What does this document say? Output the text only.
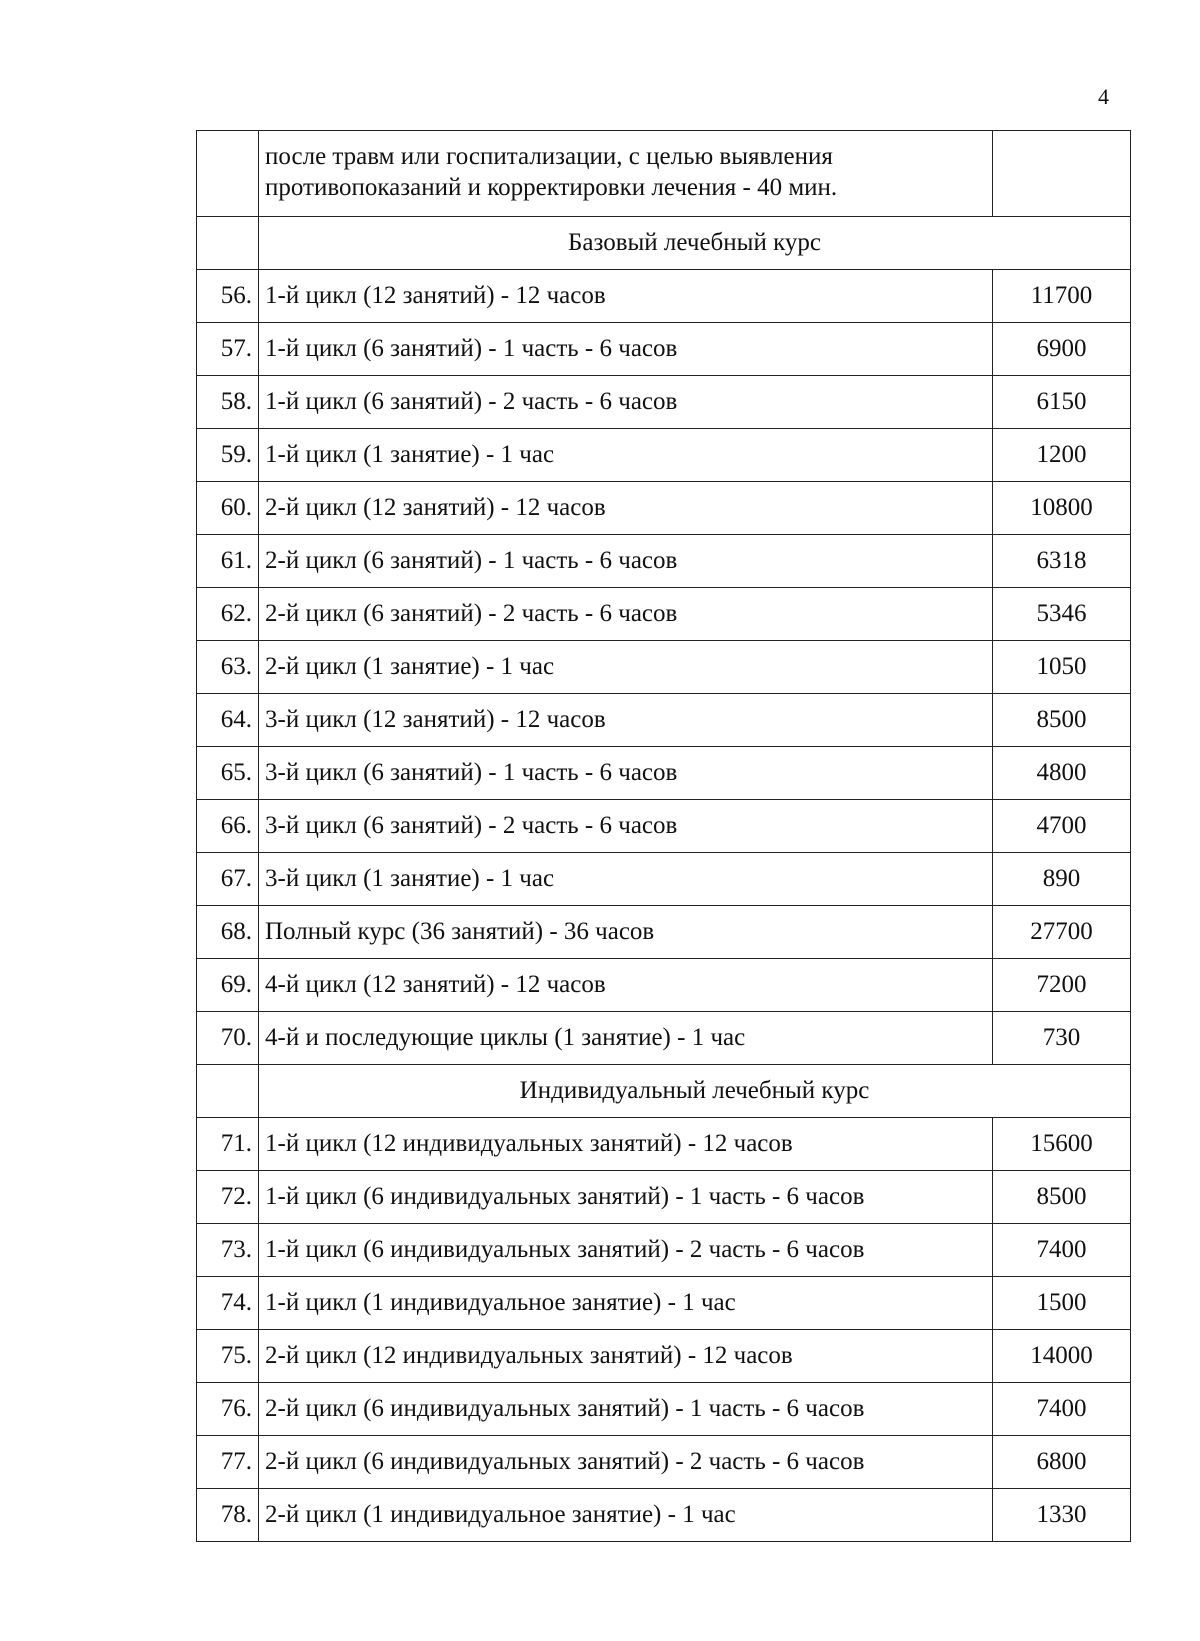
4

	после травм или госпитализации, с целью выявления
противопоказаний и корректировки лечения - 40 мин.	

	Базовый лечебный курс	
56.	1-й цикл (12 занятий) - 12 часов	11700
57.	1-й цикл (6 занятий) - 1 часть - 6 часов	6900
58.	1-й цикл (6 занятий) - 2 часть - 6 часов	6150
59.	1-й цикл (1 занятие) - 1 час	1200
60.	2-й цикл (12 занятий) - 12 часов	10800
61.	2-й цикл (6 занятий) - 1 часть - 6 часов	6318
62.	2-й цикл (6 занятий) - 2 часть - 6 часов	5346
63.	2-й цикл (1 занятие) - 1 час	1050
64.	3-й цикл (12 занятий) - 12 часов	8500
65.	3-й цикл (6 занятий) - 1 часть - 6 часов	4800
66.	3-й цикл (6 занятий) - 2 часть - 6 часов	4700
67.	3-й цикл (1 занятие) - 1 час	890
68.	Полный курс (36 занятий) - 36 часов	27700
69.	4-й цикл (12 занятий) - 12 часов	7200
70.	4-й и последующие циклы (1 занятие) - 1 час	730
	Индивидуальный лечебный курс	
71.	1-й цикл (12 индивидуальных занятий) - 12 часов	15600
72.	1-й цикл (6 индивидуальных занятий) - 1 часть - 6 часов	8500
73.	1-й цикл (6 индивидуальных занятий) - 2 часть - 6 часов	7400
74.	1-й цикл (1 индивидуальное занятие) - 1 час	1500
75.	2-й цикл (12 индивидуальных занятий) - 12 часов	14000
76.	2-й цикл (6 индивидуальных занятий) - 1 часть - 6 часов	7400
77.	2-й цикл (6 индивидуальных занятий) - 2 часть - 6 часов	6800
78.	2-й цикл (1 индивидуальное занятие) - 1 час	1330
